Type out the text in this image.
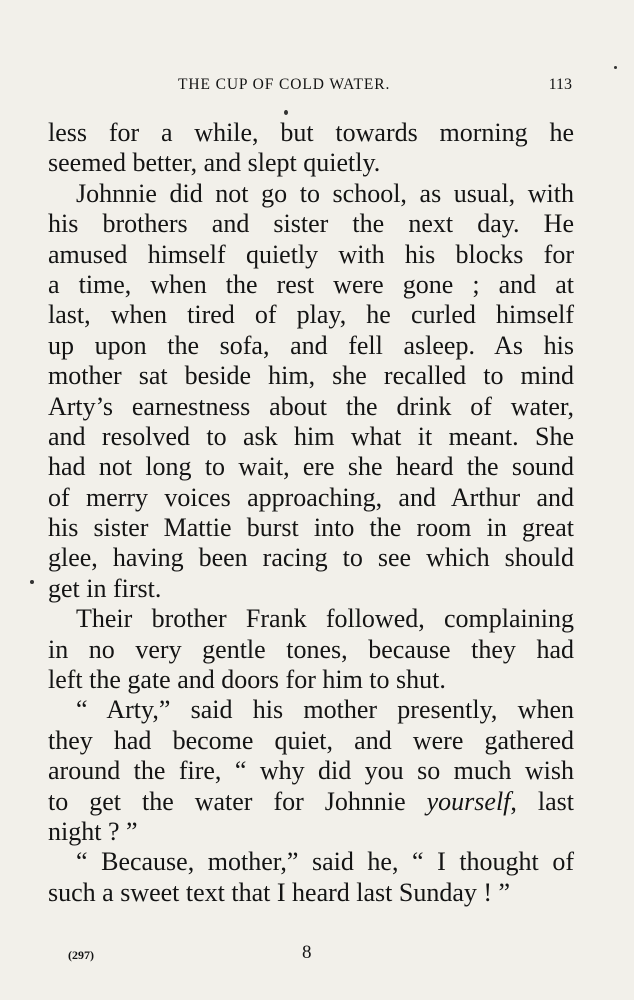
THE CUP OF COLD WATER.	113
less for a while, but towards morning he
seemed better, and slept quietly.
Johnnie did not go to school, as usual, with
his brothers and sister the next day. He
amused himself quietly with his blocks for
a time, when the rest were gone ; and at
last, when tired of play, he curled himself
up upon the sofa, and fell asleep. As his
mother sat beside him, she recalled to mind
Arty’s earnestness about the drink of water,
and resolved to ask him what it meant. She
had not long to wait, ere she heard the sound
of merry voices approaching, and Arthur and
his sister Mattie burst into the room in great
glee, having been racing to see which should
get in first.
Their brother Frank followed, complaining
in no very gentle tones, because they had
left the gate and doors for him to shut.
“ Arty,” said his mother presently, when
they had become quiet, and were gathered
around the fire, “ why did you so much wish
to get the water for Johnnie yourself, last
night ? ”
“ Because, mother,” said he, “ I thought of
such a sweet text that I heard last Sunday ! ”
(297)	8
